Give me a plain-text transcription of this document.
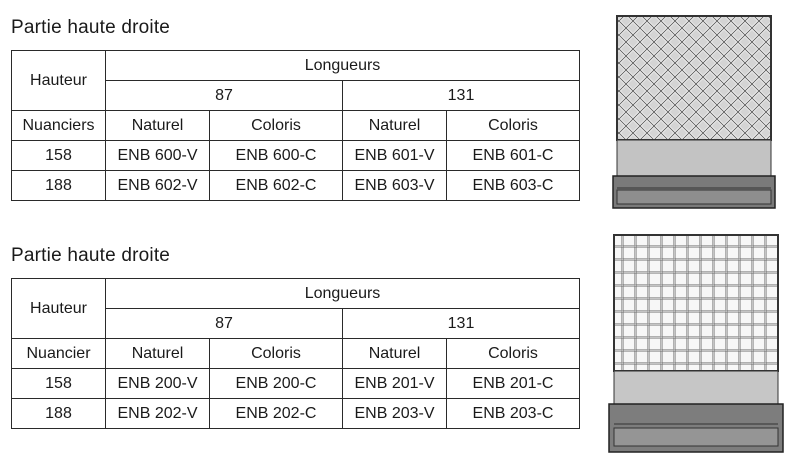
Partie haute droite
Hauteur	Longueurs			
	87		131	
Nuanciers	Naturel	Coloris	Naturel	Coloris
158	ENB 600-V	ENB 600-C	ENB 601-V	ENB 601-C
188	ENB 602-V	ENB 602-C	ENB 603-V	ENB 603-C
Partie haute droite
Hauteur	Longueurs			
	87		131	
Nuancier	Naturel	Coloris	Naturel	Coloris
158	ENB 200-V	ENB 200-C	ENB 201-V	ENB 201-C
188	ENB 202-V	ENB 202-C	ENB 203-V	ENB 203-C
